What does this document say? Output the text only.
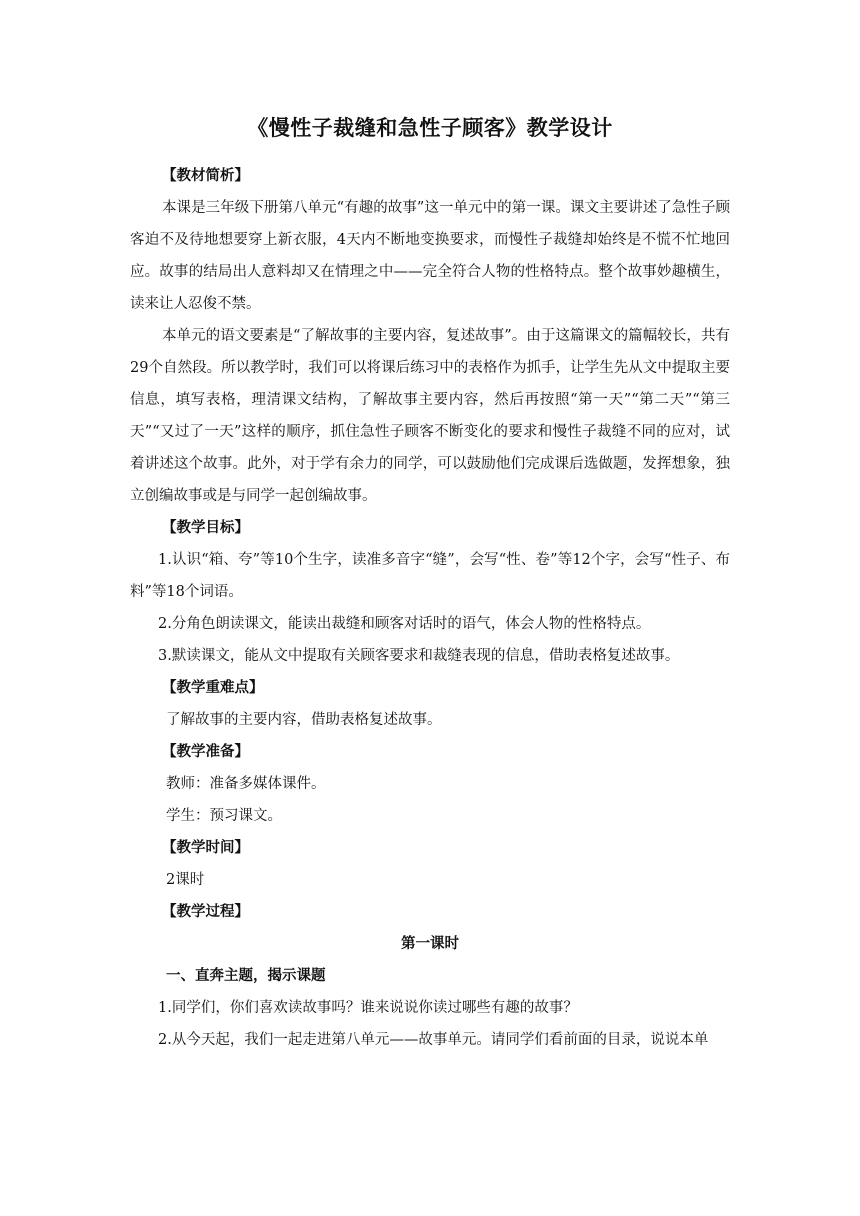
《慢性子裁缝和急性子顾客》教学设计

【教材简析】

本课是三年级下册第八单元“有趣的故事”这一单元中的第一课。课文主要讲述了急性子顾客迫不及待地想要穿上新衣服，4天内不断地变换要求，而慢性子裁缝却始终是不慌不忙地回应。故事的结局出人意料却又在情理之中——完全符合人物的性格特点。整个故事妙趣横生，读来让人忍俊不禁。

本单元的语文要素是“了解故事的主要内容，复述故事”。由于这篇课文的篇幅较长，共有29个自然段。所以教学时，我们可以将课后练习中的表格作为抓手，让学生先从文中提取主要信息，填写表格，理清课文结构，了解故事主要内容，然后再按照“第一天”“第二天”“第三天”“又过了一天”这样的顺序，抓住急性子顾客不断变化的要求和慢性子裁缝不同的应对，试着讲述这个故事。此外，对于学有余力的同学，可以鼓励他们完成课后选做题，发挥想象，独立创编故事或是与同学一起创编故事。

【教学目标】

1.认识“箱、夸”等10个生字，读准多音字“缝”，会写“性、卷”等12个字，会写“性子、布料”等18个词语。

2.分角色朗读课文，能读出裁缝和顾客对话时的语气，体会人物的性格特点。

3.默读课文，能从文中提取有关顾客要求和裁缝表现的信息，借助表格复述故事。

【教学重难点】

了解故事的主要内容，借助表格复述故事。

【教学准备】

教师：准备多媒体课件。

学生：预习课文。

【教学时间】

2课时

【教学过程】

第一课时

一、直奔主题，揭示课题

1.同学们，你们喜欢读故事吗？谁来说说你读过哪些有趣的故事？

2.从今天起，我们一起走进第八单元——故事单元。请同学们看前面的目录，说说本单
